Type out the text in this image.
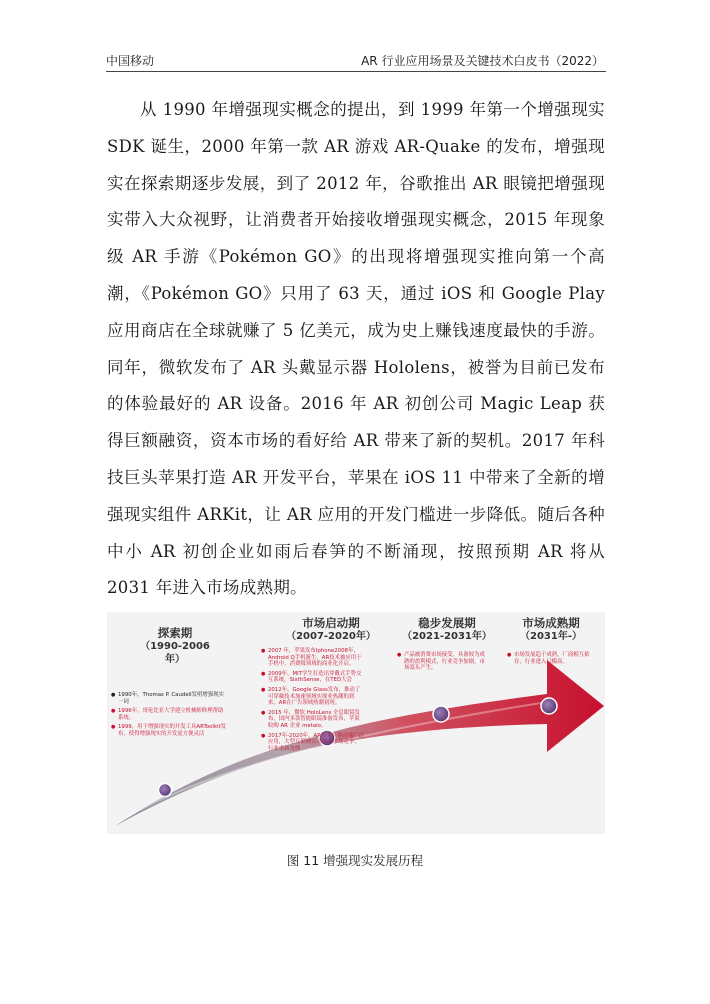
中国移动	AR 行业应用场景及关键技术白皮书（2022）

从 1990 年增强现实概念的提出，到 1999 年第一个增强现实 SDK 诞生，2000 年第一款 AR 游戏 AR-Quake 的发布，增强现实在探索期逐步发展，到了 2012 年，谷歌推出 AR 眼镜把增强现实带入大众视野，让消费者开始接收增强现实概念，2015 年现象级 AR 手游《Pokémon GO》的出现将增强现实推向第一个高潮，《Pokémon GO》只用了 63 天，通过 iOS 和 Google Play 应用商店在全球就赚了 5 亿美元，成为史上赚钱速度最快的手游。同年，微软发布了 AR 头戴显示器 Hololens，被誉为目前已发布的体验最好的 AR 设备。2016 年 AR 初创公司 Magic Leap 获得巨额融资，资本市场的看好给 AR 带来了新的契机。2017 年科技巨头苹果打造 AR 开发平台，苹果在 iOS 11 中带来了全新的增强现实组件 ARKit，让 AR 应用的开发门槛进一步降低。随后各种中小 AR 初创企业如雨后春笋的不断涌现，按照预期 AR 将从 2031 年进入市场成熟期。

探索期
（1990-2006
年）
● 1990年，Thomas P. Caudell发明增强现实一词
● 1996年，哥伦比亚大学建立机械师修理帮助系统。
● 1999，用于增强现实的开发工具ARToolkit发布，使得增强现实的开发更方便灵活
市场启动期
（2007-2020年）
● 2007 年，苹果发布Iphone2008年，Android Q手机诞生，AR技术被应用于手机中，消费级领域的商业化开启。
● 2009年，MIT学生打造出穿戴式手势交互系统，SixthSense，在TED大会
● 2012年，Google Glass发布，推动了可穿戴技术加速领域实现业热潮的到来，AR在广告领域热潮初现。
● 2015 年，微软 HoloLens 全息眼镜发布，国内多款智能眼镜准备发布，苹果收购 AR 企业 metaio。
● 2017年-2020年，AR技术在移动端广泛应用，大型互联网公司加入市场竞争，行业重新洗牌
稳步发展期
（2021-2031年）
● 产品被消费市场接受，具备较为成熟的盈利模式，行业竞争加剧，市场寡头产生。
市场成熟期
（2031年-）
● 市场发展趋于成熟，厂商相互依存，行业进入门槛高。
图 11 增强现实发展历程
